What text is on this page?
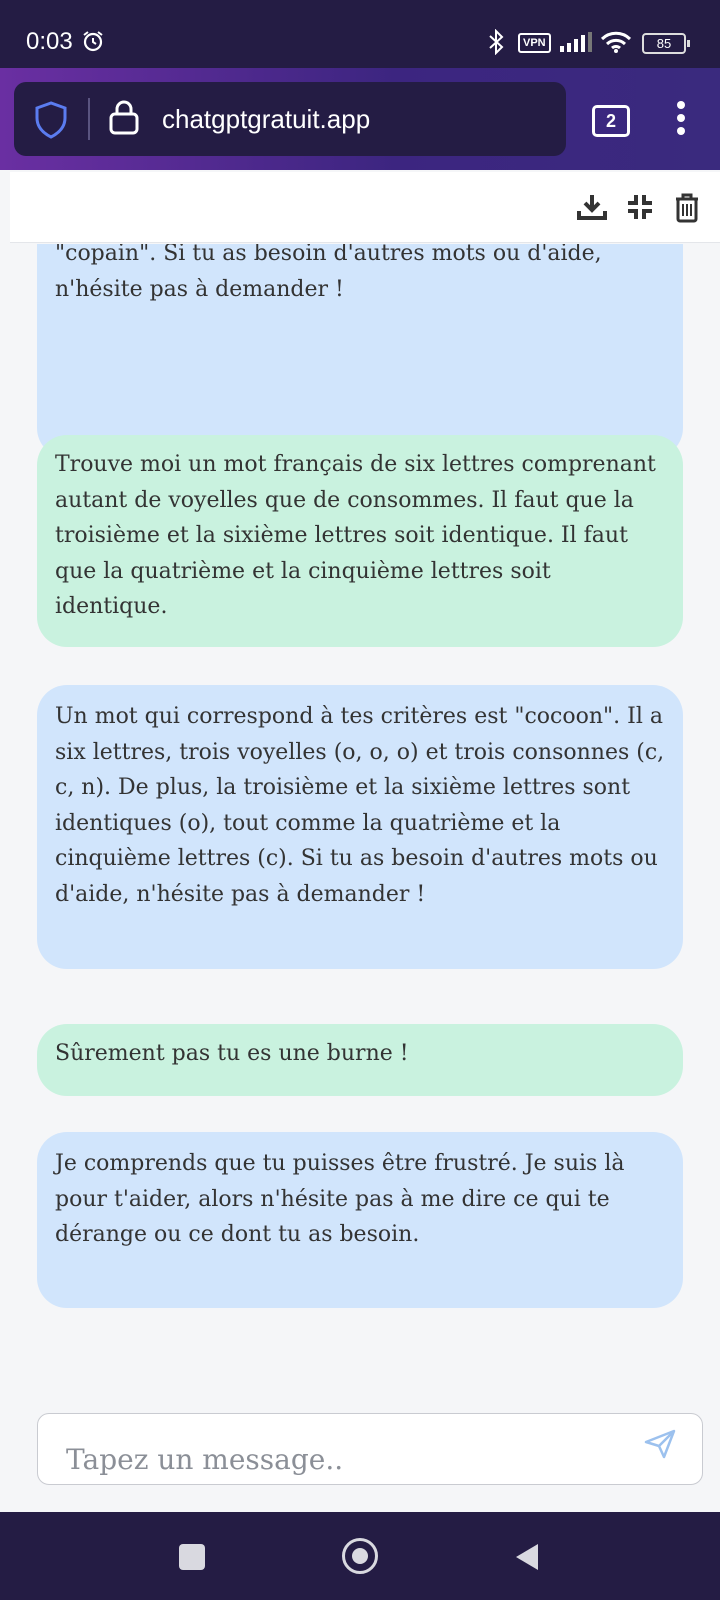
0:03	VPN	85
chatgptgratuit.app	2

"copain". Si tu as besoin d'autres mots ou d'aide,

n'hésite pas à demander !

Trouve moi un mot français de six lettres comprenant

autant de voyelles que de consommes. Il faut que la

troisième et la sixième lettres soit identique. Il faut

que la quatrième et la cinquième lettres soit

identique.

Un mot qui correspond à tes critères est "cocoon". Il a

six lettres, trois voyelles (o, o, o) et trois consonnes (c,

c, n). De plus, la troisième et la sixième lettres sont

identiques (o), tout comme la quatrième et la

cinquième lettres (c). Si tu as besoin d'autres mots ou

d'aide, n'hésite pas à demander !

Sûrement pas tu es une burne !

Je comprends que tu puisses être frustré. Je suis là

pour t'aider, alors n'hésite pas à me dire ce qui te

dérange ou ce dont tu as besoin.

Tapez un message..
